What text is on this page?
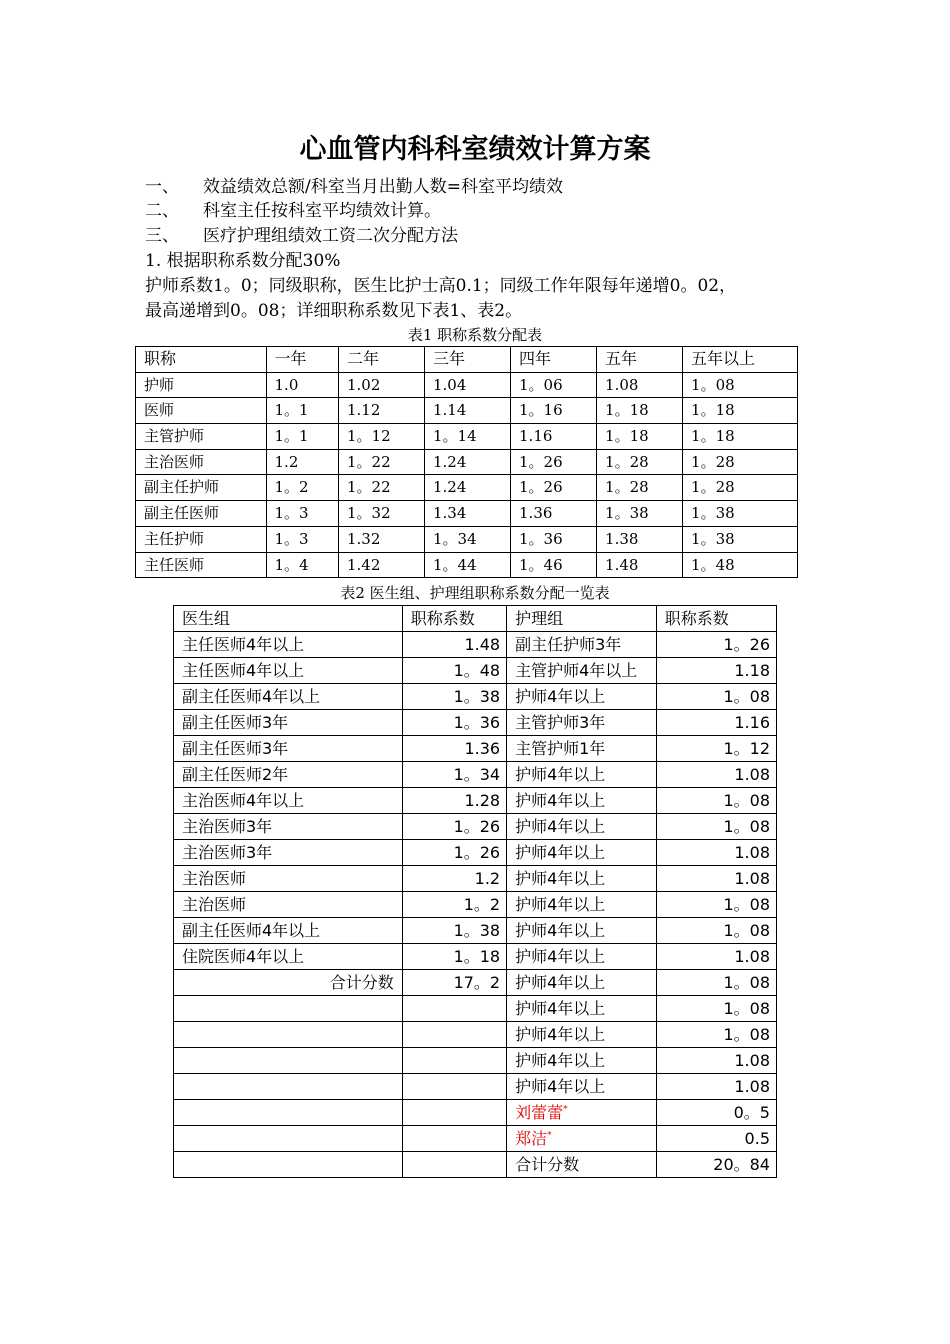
心血管内科科室绩效计算方案
一、 效益绩效总额/科室当月出勤人数=科室平均绩效
二、 科室主任按科室平均绩效计算。
三、 医疗护理组绩效工资二次分配方法
1. 根据职称系数分配30%
护师系数1。0；同级职称，医生比护士高0.1；同级工作年限每年递增0。02，
最高递增到0。08；详细职称系数见下表1、表2。
表1 职称系数分配表
职称	一年	二年	三年	四年	五年	五年以上
护师	1.0	1.02	1.04	1。06	1.08	1。08
医师	1。1	1.12	1.14	1。16	1。18	1。18
主管护师	1。1	1。12	1。14	1.16	1。18	1。18
主治医师	1.2	1。22	1.24	1。26	1。28	1。28
副主任护师	1。2	1。22	1.24	1。26	1。28	1。28
副主任医师	1。3	1。32	1.34	1.36	1。38	1。38
主任护师	1。3	1.32	1。34	1。36	1.38	1。38
主任医师	1。4	1.42	1。44	1。46	1.48	1。48
表2 医生组、护理组职称系数分配一览表
医生组	职称系数	护理组	职称系数
主任医师4年以上	1.48	副主任护师3年	1。26
主任医师4年以上	1。48	主管护师4年以上	1.18
副主任医师4年以上	1。38	护师4年以上	1。08
副主任医师3年	1。36	主管护师3年	1.16
副主任医师3年	1.36	主管护师1年	1。12
副主任医师2年	1。34	护师4年以上	1.08
主治医师4年以上	1.28	护师4年以上	1。08
主治医师3年	1。26	护师4年以上	1。08
主治医师3年	1。26	护师4年以上	1.08
主治医师	1.2	护师4年以上	1.08
主治医师	1。2	护师4年以上	1。08
副主任医师4年以上	1。38	护师4年以上	1。08
住院医师4年以上	1。18	护师4年以上	1.08
合计分数	17。2	护师4年以上	1。08
		护师4年以上	1。08
		护师4年以上	1。08
		护师4年以上	1.08
		护师4年以上	1.08
		刘蕾蕾*	0。5
		郑洁*	0.5
		合计分数	20。84
